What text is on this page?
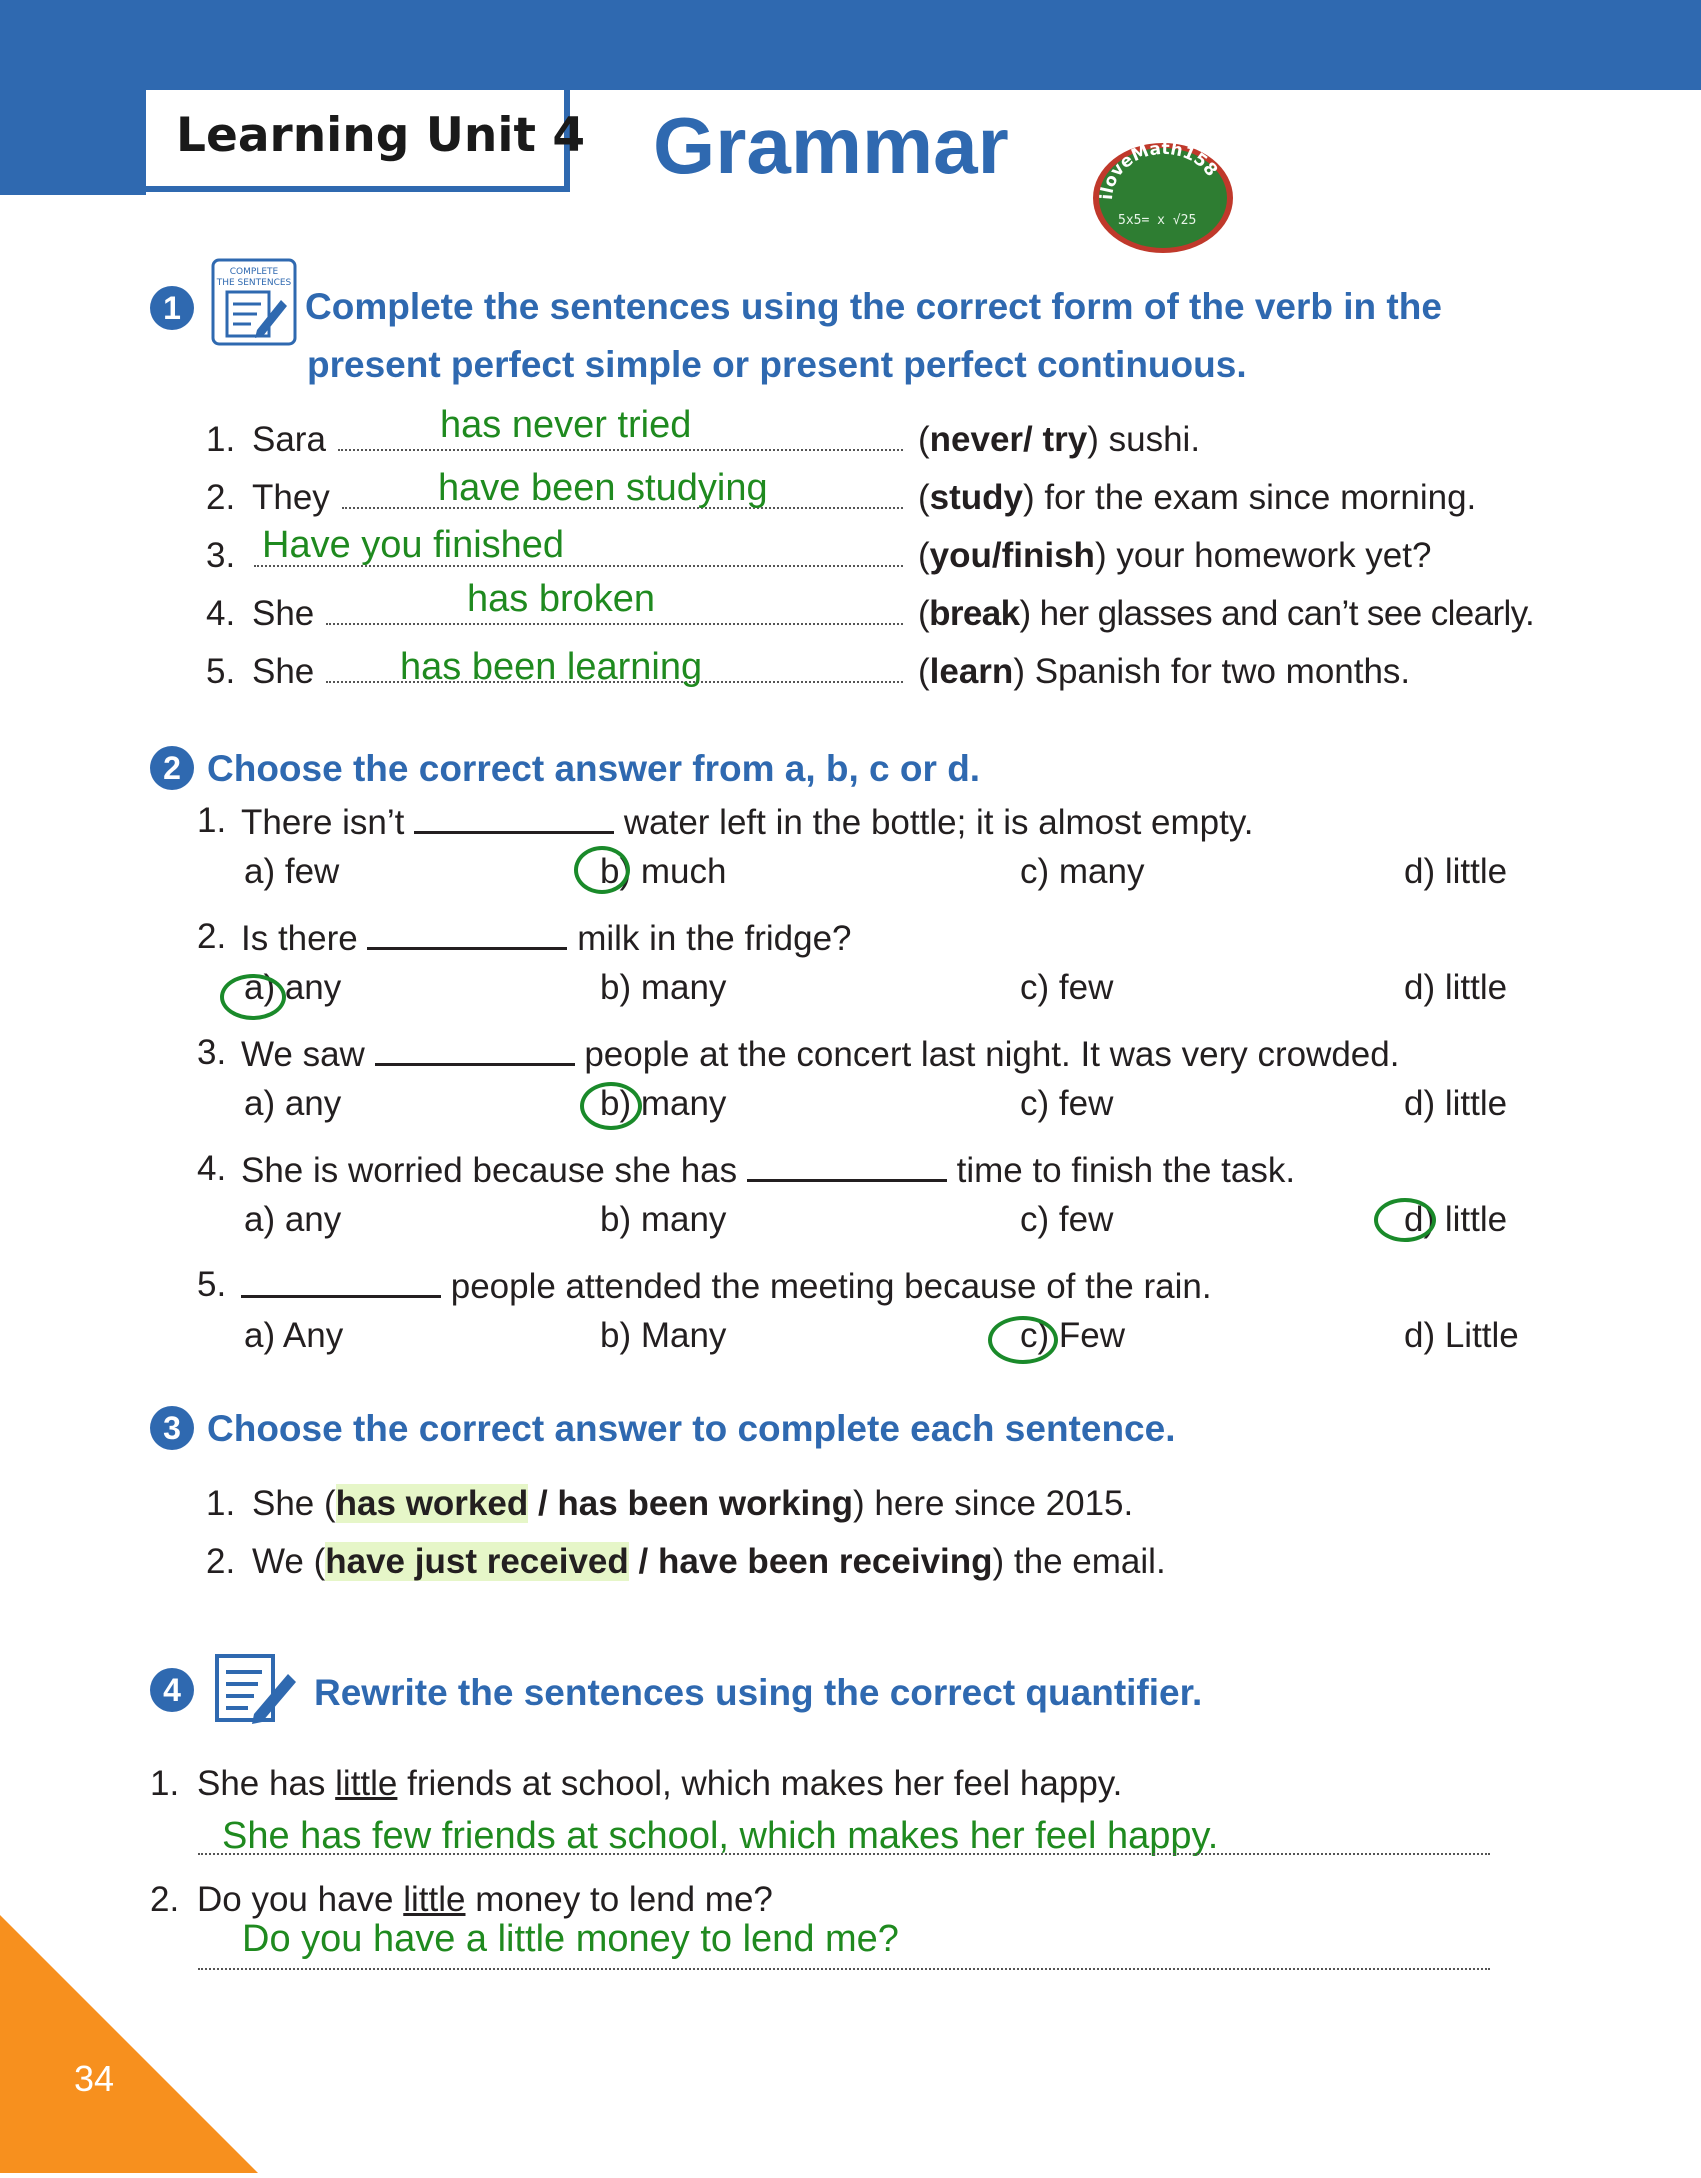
Learning Unit 4 Grammar
iloveMath158
5x5= x √25
1
COMPLETE
THE SENTENCES
Complete the sentences using the correct form of the verb in the
present perfect simple or present perfect continuous.
1. Sara	has never tried	(never/ try) sushi.
2. They	have been studying	(study) for the exam since morning.
3. Have you finished	(you/finish) your homework yet?
4. She	has broken	(break) her glasses and can’t see clearly.
5. She has been learning	(learn) Spanish for two months.
2 Choose the correct answer from a, b, c or d.
1. There isn’t	water left in the bottle; it is almost empty.
a) few	b) much	c) many	d) little
2. Is there	milk in the fridge?
a) any	b) many	c) few	d) little
3. We saw	people at the concert last night. It was very crowded.
a) any	b) many	c) few	d) little
4. She is worried because she has	time to finish the task.
a) any	b) many	c) few	d) little
5.	people attended the meeting because of the rain.
a) Any	b) Many	c) Few	d) Little
3 Choose the correct answer to complete each sentence.
1. She (has worked / has been working) here since 2015.
2. We (have just received / have been receiving) the email.
4	Rewrite the sentences using the correct quantifier.
1. She has little friends at school, which makes her feel happy.
She has few friends at school, which makes her feel happy.
2. Do you have little money to lend me?
Do you have a little money to lend me?
34
